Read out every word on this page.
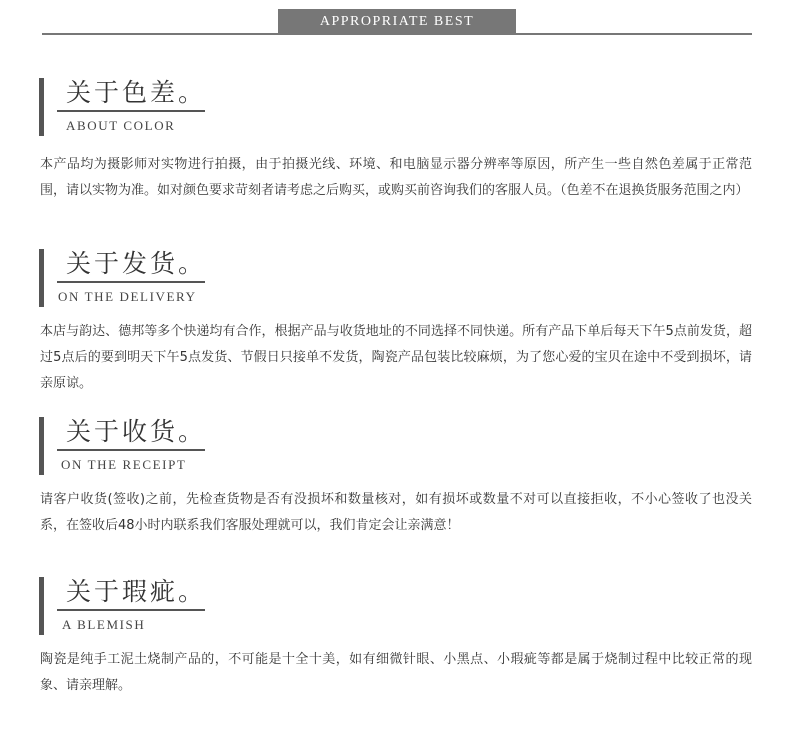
APPROPRIATE BEST
关于色差。
ABOUT COLOR
本产品均为摄影师对实物进行拍摄，由于拍摄光线、环境、和电脑显示器分辨率等原因，所产生一些自然色差属于正常范围，请以实物为准。如对颜色要求苛刻者请考虑之后购买，或购买前咨询我们的客服人员。（色差不在退换货服务范围之内）
关于发货。
ON THE DELIVERY
本店与韵达、德邦等多个快递均有合作，根据产品与收货地址的不同选择不同快递。所有产品下单后每天下午5点前发货，超过5点后的要到明天下午5点发货、节假日只接单不发货，陶瓷产品包装比较麻烦，为了您心爱的宝贝在途中不受到损坏，请亲原谅。
关于收货。
ON THE RECEIPT
请客户收货(签收)之前，先检查货物是否有没损坏和数量核对，如有损坏或数量不对可以直接拒收，不小心签收了也没关系，在签收后48小时内联系我们客服处理就可以，我们肯定会让亲满意！
关于瑕疵。
A BLEMISH
陶瓷是纯手工泥土烧制产品的，不可能是十全十美，如有细微针眼、小黑点、小瑕疵等都是属于烧制过程中比较正常的现象、请亲理解。
